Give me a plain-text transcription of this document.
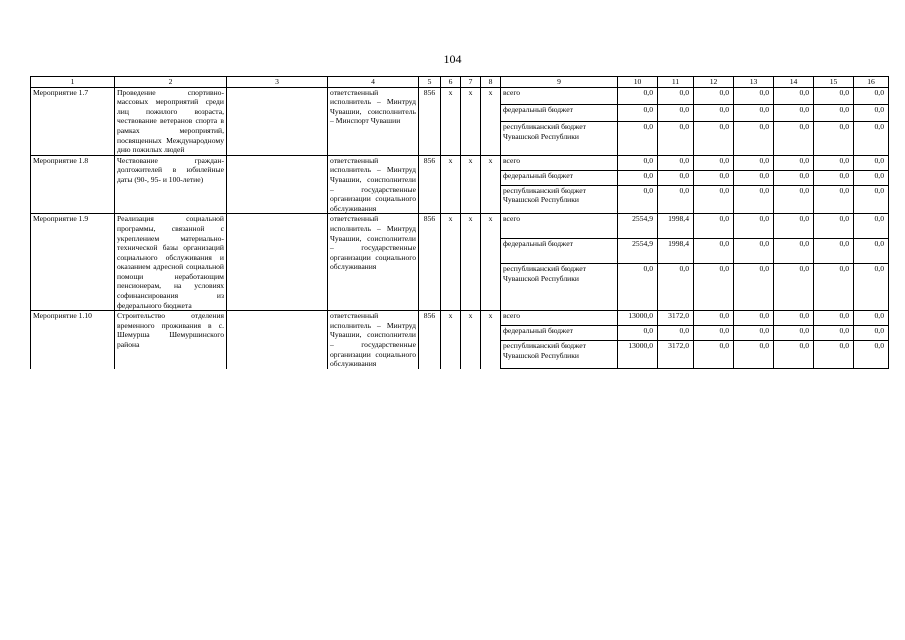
104
1	2	3	4	5	6	7	8	9	10	11	12	13	14	15	16
Мероприятие 1.7	Проведение спортивно-массовых мероприятий среди лиц пожилого возраста, чествование ветеранов спорта в рамках мероприятий, посвященных Международному дню пожилых людей		ответственный исполнитель – Минтруд Чувашии, соисполнитель – Минспорт Чувашии	856	х	х	х	всего	0,0	0,0	0,0	0,0	0,0	0,0	0,0
								федеральный бюджет	0,0	0,0	0,0	0,0	0,0	0,0	0,0
								республиканский бюджет Чувашской Республики	0,0	0,0	0,0	0,0	0,0	0,0	0,0
Мероприятие 1.8	Чествование граждан-долгожителей в юбилейные даты (90-, 95- и 100-летие)		ответственный исполнитель – Минтруд Чувашии, соисполнители – государственные организации социального обслуживания	856	х	х	х	всего	0,0	0,0	0,0	0,0	0,0	0,0	0,0
								федеральный бюджет	0,0	0,0	0,0	0,0	0,0	0,0	0,0
								республиканский бюджет Чувашской Республики	0,0	0,0	0,0	0,0	0,0	0,0	0,0
Мероприятие 1.9	Реализация социальной программы, связанной с укреплением материально-технической базы организаций социального обслуживания и оказанием адресной социальной помощи неработающим пенсионерам, на условиях софинансирования из федерального бюджета		ответственный исполнитель – Минтруд Чувашии, соисполнители – государственные организации социального обслуживания	856	х	х	х	всего	2554,9	1998,4	0,0	0,0	0,0	0,0	0,0
								федеральный бюджет	2554,9	1998,4	0,0	0,0	0,0	0,0	0,0
								республиканский бюджет Чувашской Республики	0,0	0,0	0,0	0,0	0,0	0,0	0,0
Мероприятие 1.10	Строительство отделения временного проживания в с. Шемурша Шемуршинского района		ответственный исполнитель – Минтруд Чувашии, соисполнители – государственные организации социального обслуживания	856	х	х	х	всего	13000,0	3172,0	0,0	0,0	0,0	0,0	0,0
								федеральный бюджет	0,0	0,0	0,0	0,0	0,0	0,0	0,0
								республиканский бюджет Чувашской Республики	13000,0	3172,0	0,0	0,0	0,0	0,0	0,0
